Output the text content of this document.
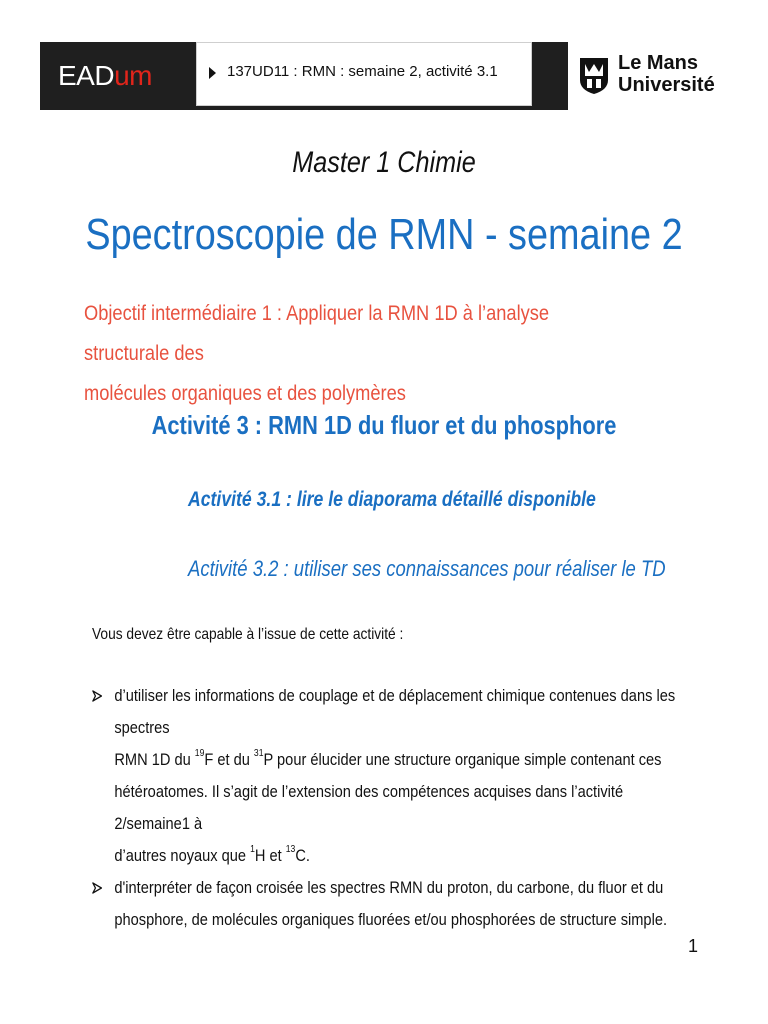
EADum	137UD11 : RMN : semaine 2, activité 3.1	Le Mans
Université
Master 1 Chimie
Spectroscopie de RMN - semaine 2
Objectif intermédiaire 1 : Appliquer la RMN 1D à l’analyse structurale des
molécules organiques et des polymères
Activité 3 : RMN 1D du fluor et du phosphore
Activité 3.1 : lire le diaporama détaillé disponible
Activité 3.2 : utiliser ses connaissances pour réaliser le TD
Vous devez être capable à l’issue de cette activité :
d’utiliser les informations de couplage et de déplacement chimique contenues dans les spectres
RMN 1D du $^{19}$F et du $^{31}$P pour élucider une structure organique simple contenant ces
hétéroatomes. Il s’agit de l’extension des compétences acquises dans l’activité 2/semaine1 à
d’autres noyaux que $^1$H et $^{13}$C.
d'interpréter de façon croisée les spectres RMN du proton, du carbone, du fluor et du
phosphore, de molécules organiques fluorées et/ou phosphorées de structure simple.
1
